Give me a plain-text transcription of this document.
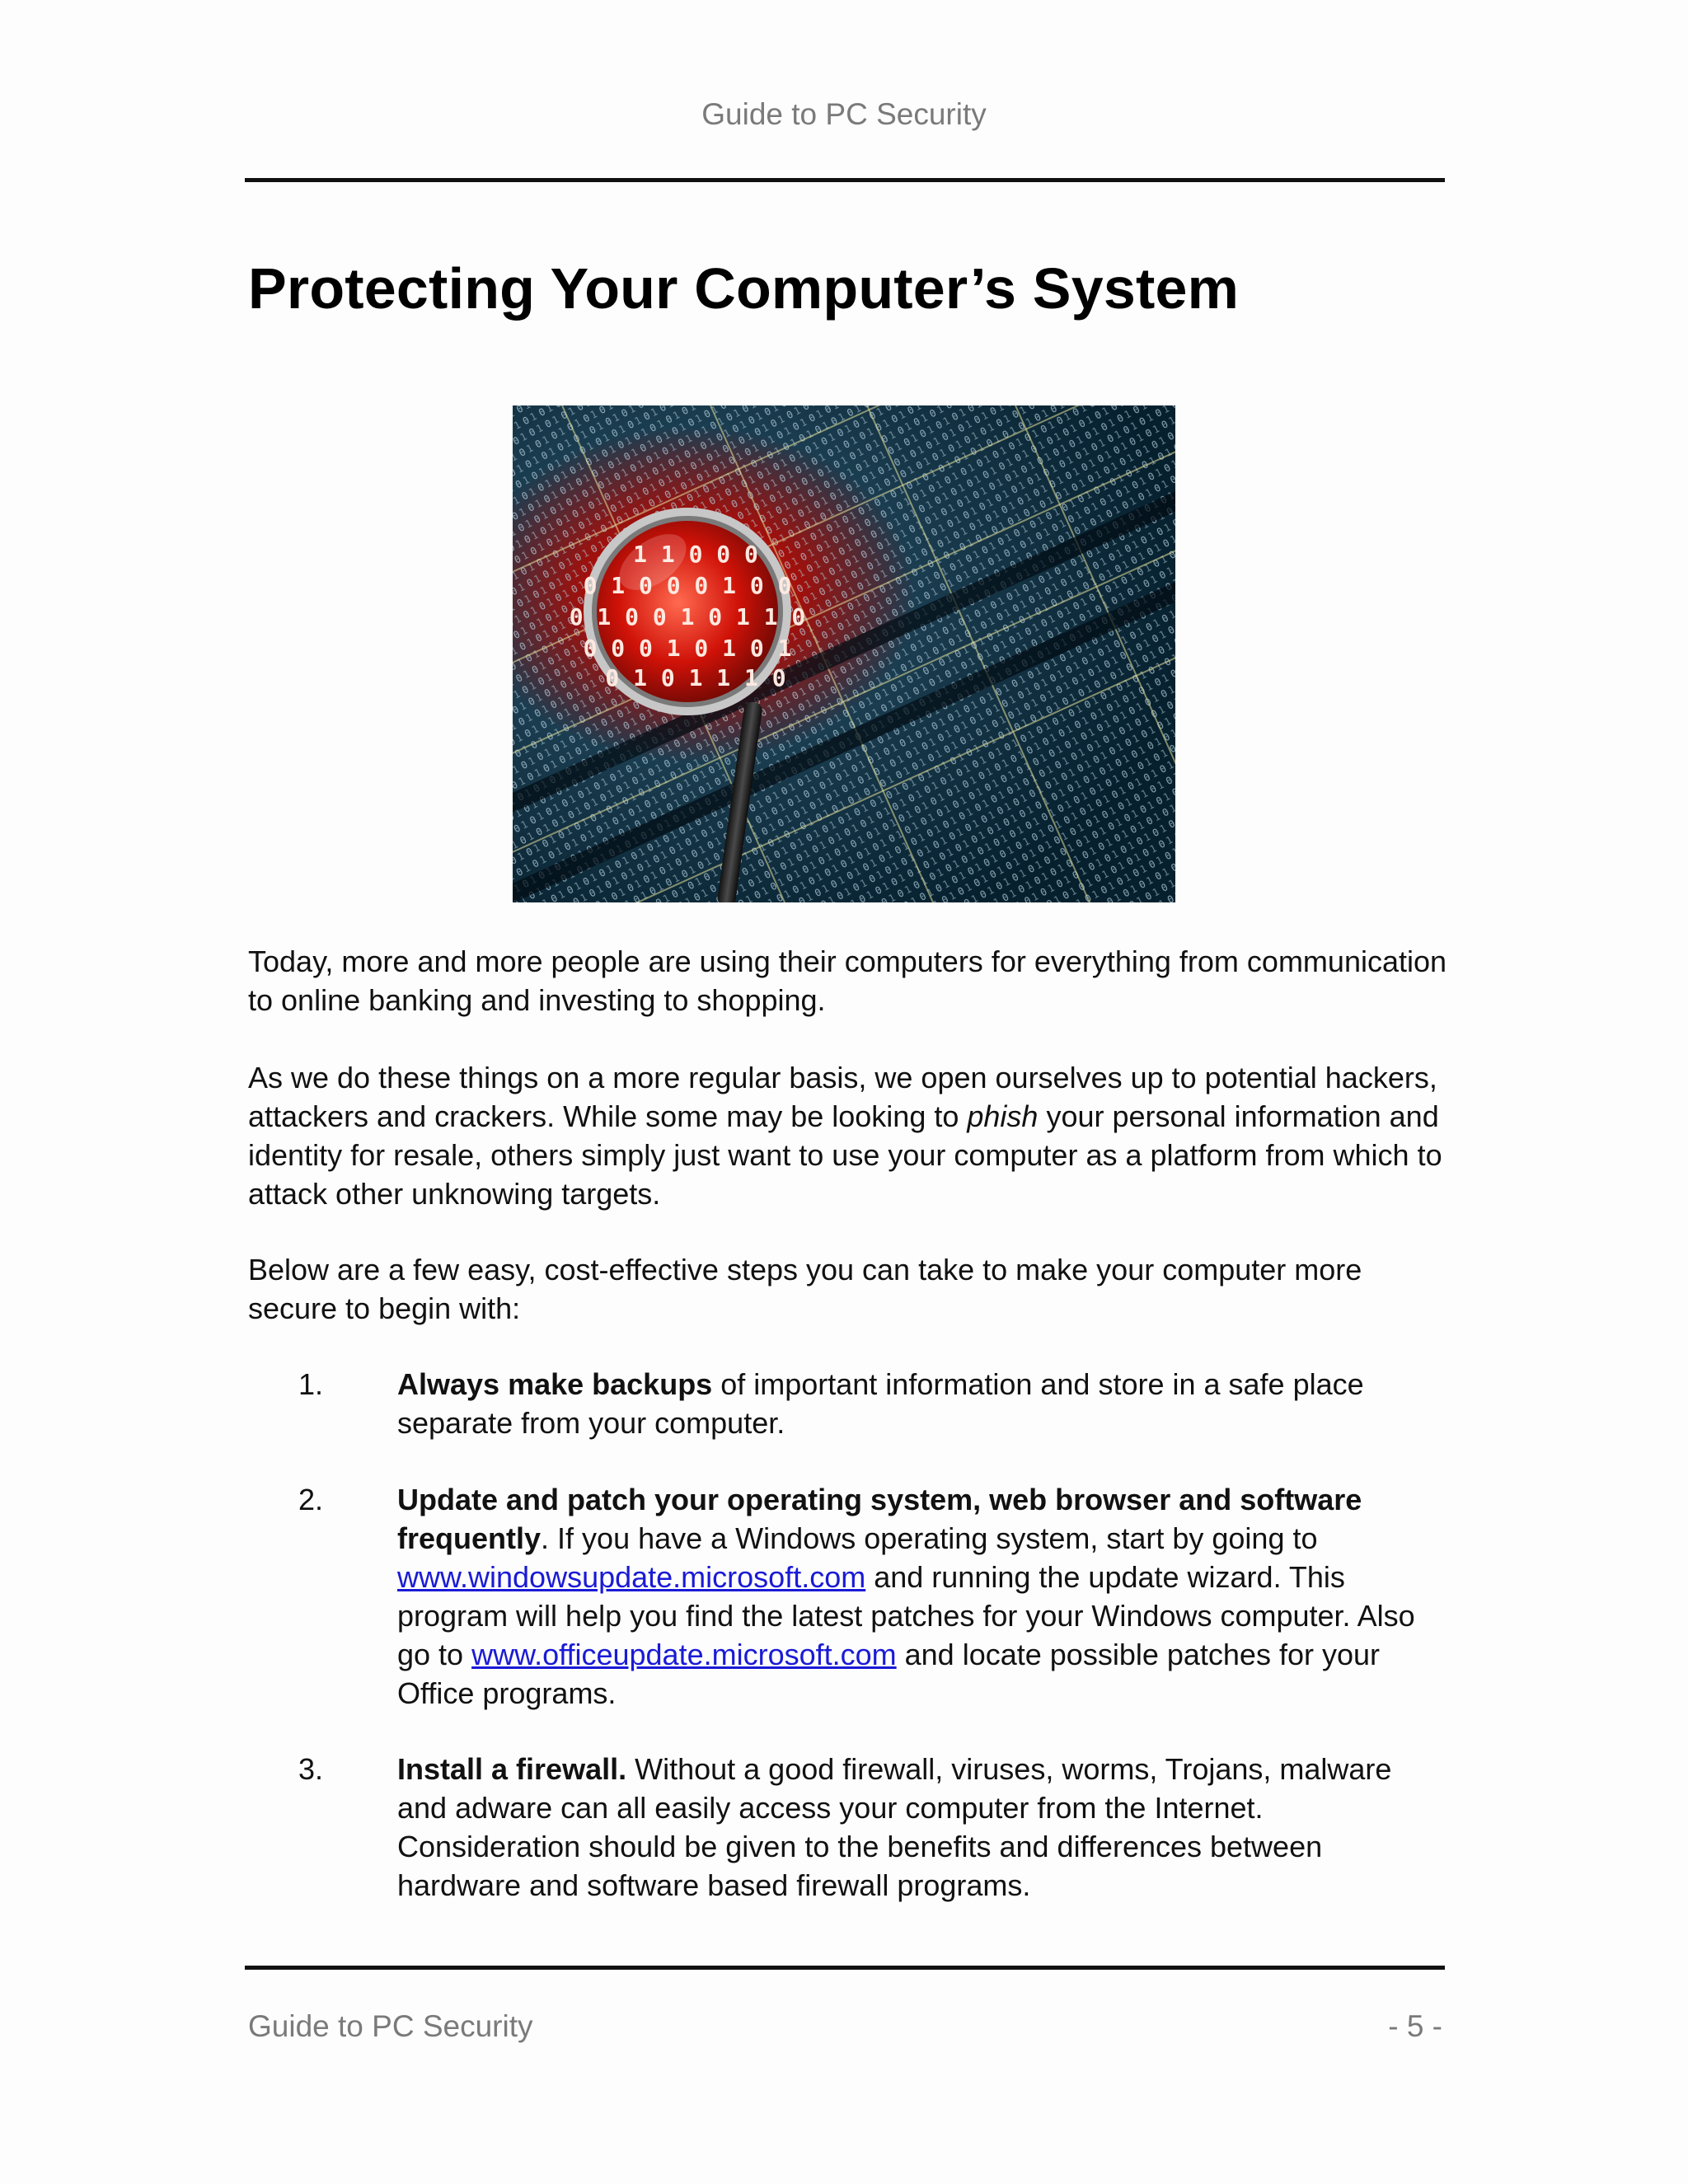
Guide to PC Security
Protecting Your Computer’s System
1 1 0 0 0
0 1 0 0 0 1 0 0
0 1 0 0 1 0 1 1 0
0 0 0 1 0 1 0 1
0 1 0 1 1 1 0

Today, more and more people are using their computers for everything from communication to online banking and investing to shopping.

As we do these things on a more regular basis, we open ourselves up to potential hackers, attackers and crackers. While some may be looking to phish your personal information and identity for resale, others simply just want to use your computer as a platform from which to attack other unknowing targets.

Below are a few easy, cost-effective steps you can take to make your computer more secure to begin with:

1. Always make backups of important information and store in a safe place separate from your computer.

2. Update and patch your operating system, web browser and software frequently. If you have a Windows operating system, start by going to www.windowsupdate.microsoft.com and running the update wizard. This program will help you find the latest patches for your Windows computer. Also go to www.officeupdate.microsoft.com and locate possible patches for your Office programs.

3. Install a firewall. Without a good firewall, viruses, worms, Trojans, malware and adware can all easily access your computer from the Internet. Consideration should be given to the benefits and differences between hardware and software based firewall programs.

Guide to PC Security	- 5 -
